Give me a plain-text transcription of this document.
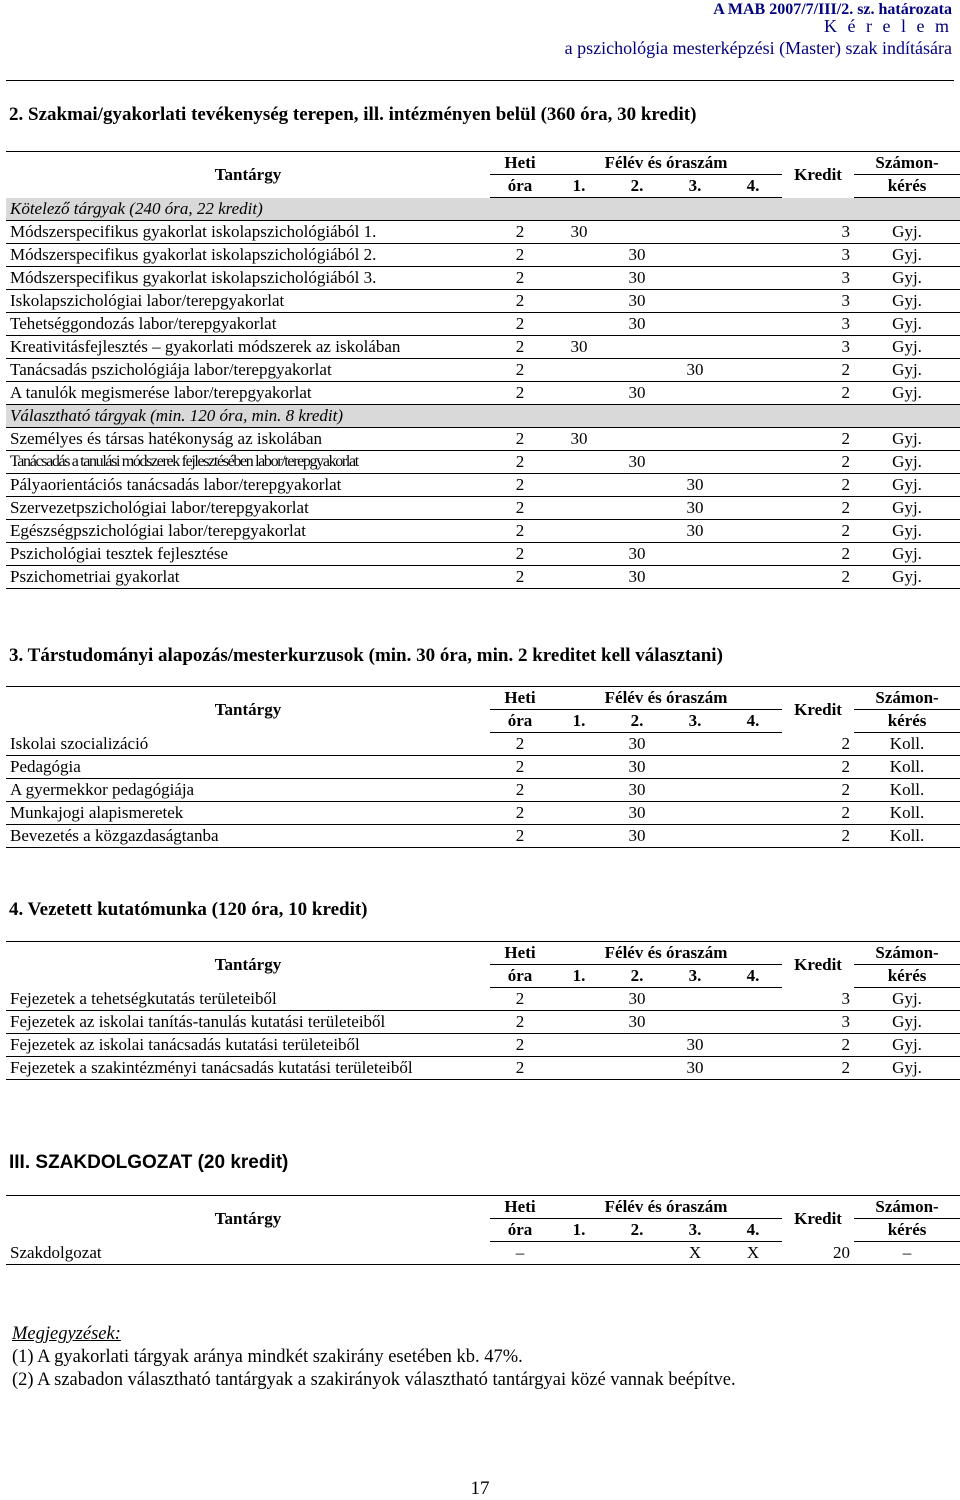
A MAB 2007/7/III/2. sz. határozata
K é r e l e m
a pszichológia mesterképzési (Master) szak indítására
2. Szakmai/gyakorlati tevékenység terepen, ill. intézményen belül (360 óra, 30 kredit)
Tantárgy	Heti	Félév és óraszám				Kredit	Számon-
	óra	1.	2.	3.	4.		kérés
Kötelező tárgyak (240 óra, 22 kredit)							
Módszerspecifikus gyakorlat iskolapszichológiából 1.	2	30				3	Gyj.
Módszerspecifikus gyakorlat iskolapszichológiából 2.	2		30			3	Gyj.
Módszerspecifikus gyakorlat iskolapszichológiából 3.	2		30			3	Gyj.
Iskolapszichológiai labor/terepgyakorlat	2		30			3	Gyj.
Tehetséggondozás labor/terepgyakorlat	2		30			3	Gyj.
Kreativitásfejlesztés – gyakorlati módszerek az iskolában	2	30				3	Gyj.
Tanácsadás pszichológiája labor/terepgyakorlat	2			30		2	Gyj.
A tanulók megismerése labor/terepgyakorlat	2		30			2	Gyj.
Választható tárgyak (min. 120 óra, min. 8 kredit)							
Személyes és társas hatékonyság az iskolában	2	30				2	Gyj.
Tanácsadás a tanulási módszerek fejlesztésében labor/terepgyakorlat	2		30			2	Gyj.
Pályaorientációs tanácsadás labor/terepgyakorlat	2			30		2	Gyj.
Szervezetpszichológiai labor/terepgyakorlat	2			30		2	Gyj.
Egészségpszichológiai labor/terepgyakorlat	2			30		2	Gyj.
Pszichológiai tesztek fejlesztése	2		30			2	Gyj.
Pszichometriai gyakorlat	2		30			2	Gyj.
3. Társtudományi alapozás/mesterkurzusok (min. 30 óra, min. 2 kreditet kell választani)
Tantárgy	Heti	Félév és óraszám				Kredit	Számon-
	óra	1.	2.	3.	4.		kérés
Iskolai szocializáció	2		30			2	Koll.
Pedagógia	2		30			2	Koll.
A gyermekkor pedagógiája	2		30			2	Koll.
Munkajogi alapismeretek	2		30			2	Koll.
Bevezetés a közgazdaságtanba	2		30			2	Koll.
4. Vezetett kutatómunka (120 óra, 10 kredit)
Tantárgy	Heti	Félév és óraszám				Kredit	Számon-
	óra	1.	2.	3.	4.		kérés
Fejezetek a tehetségkutatás területeiből	2		30			3	Gyj.
Fejezetek az iskolai tanítás-tanulás kutatási területeiből	2		30			3	Gyj.
Fejezetek az iskolai tanácsadás kutatási területeiből	2			30		2	Gyj.
Fejezetek a szakintézményi tanácsadás kutatási területeiből	2			30		2	Gyj.
III. SZAKDOLGOZAT (20 kredit)
Tantárgy	Heti	Félév és óraszám				Kredit	Számon-
	óra	1.	2.	3.	4.		kérés
Szakdolgozat	–			X	X	20	–
Megjegyzések:
(1) A gyakorlati tárgyak aránya mindkét szakirány esetében kb. 47%.
(2) A szabadon választható tantárgyak a szakirányok választható tantárgyai közé vannak beépítve.
17
